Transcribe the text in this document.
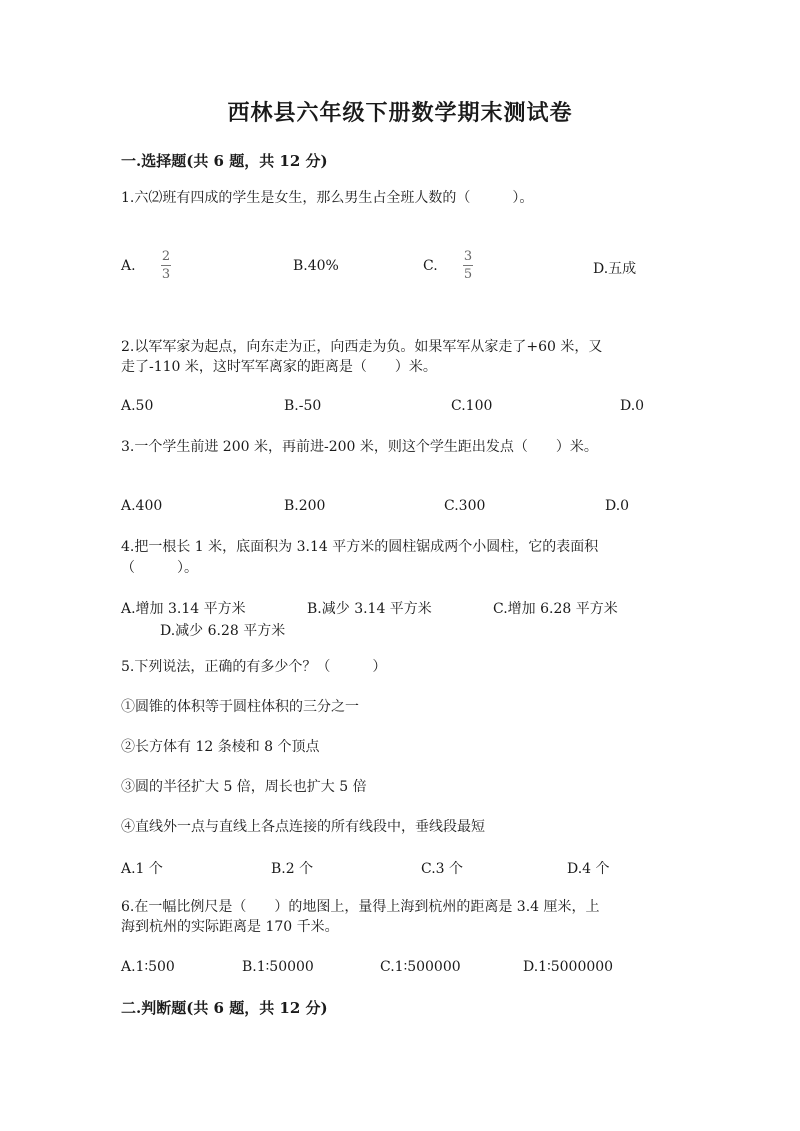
西林县六年级下册数学期末测试卷
一.选择题(共 6 题，共 12 分)
1.六⑵班有四成的学生是女生，那么男生占全班人数的（　　　）。
A.
2
3
B.40%	C.
3
5	D.五成
2.以军军家为起点，向东走为正，向西走为负。如果军军从家走了+60 米，又
走了-110 米，这时军军离家的距离是（　　）米。
A.50	B.-50	C.100	D.0
3.一个学生前进 200 米，再前进-200 米，则这个学生距出发点（　　）米。
A.400	B.200	C.300	D.0
4.把一根长 1 米，底面积为 3.14 平方米的圆柱锯成两个小圆柱，它的表面积
（　　　）。
A.增加 3.14 平方米	B.减少 3.14 平方米	C.增加 6.28 平方米
D.减少 6.28 平方米
5.下列说法，正确的有多少个？（　　　）
①圆锥的体积等于圆柱体积的三分之一
②长方体有 12 条棱和 8 个顶点
③圆的半径扩大 5 倍，周长也扩大 5 倍
④直线外一点与直线上各点连接的所有线段中，垂线段最短
A.1 个	B.2 个	C.3 个	D.4 个
6.在一幅比例尺是（　　）的地图上，量得上海到杭州的距离是 3.4 厘米，上
海到杭州的实际距离是 170 千米。
A.1∶500	B.1∶50000	C.1∶500000	D.1∶5000000
二.判断题(共 6 题，共 12 分)
